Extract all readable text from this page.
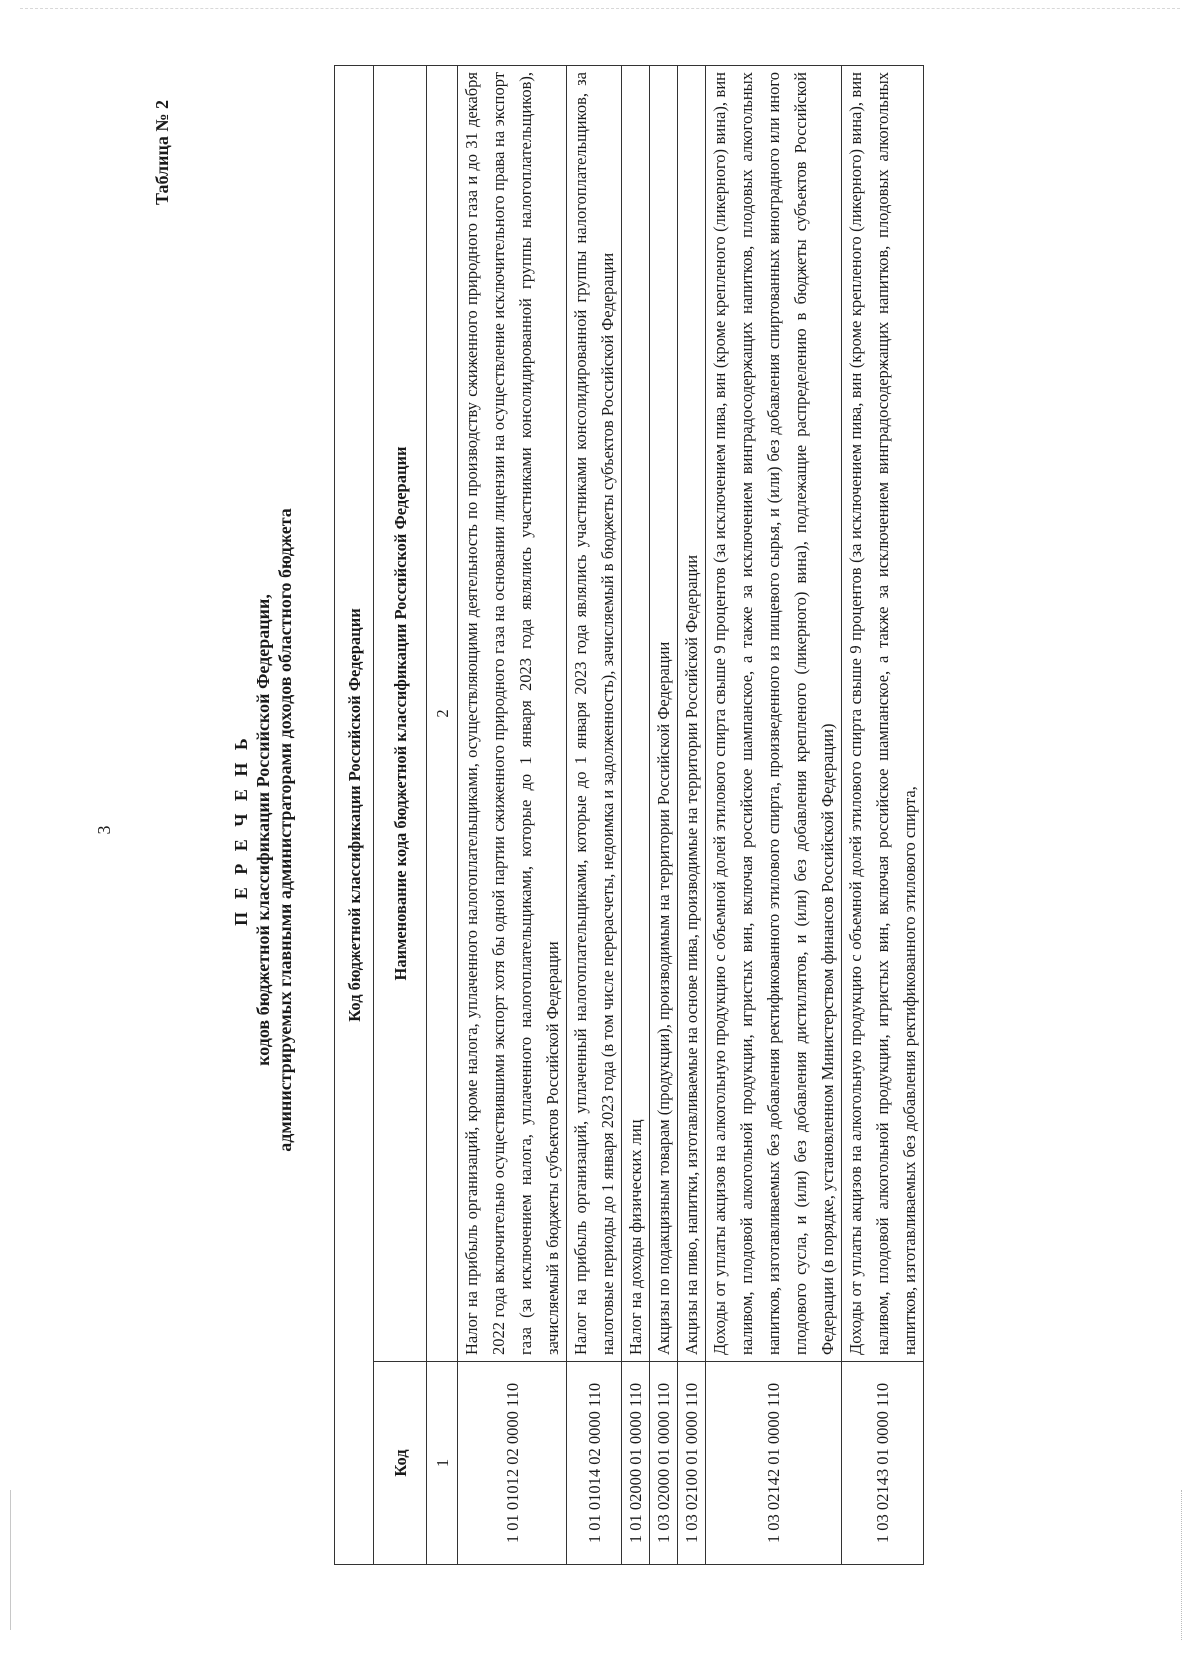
3
Таблица № 2
П Е Р Е Ч Е Н Ь кодов бюджетной классификации Российской Федерации, администрируемых главными администраторами доходов областного бюджета	Код бюджетной классификации Российской Федерации	
Код	Наименование кода бюджетной классификации Российской Федерации
1	2
1 01 01012 02 0000 110	Налог на прибыль организаций, кроме налога, уплаченного налогоплательщиками, осуществляющими деятельность по производству сжиженного природного газа и до 31 декабря 2022 года включительно осуществившими экспорт хотя бы одной партии сжиженного природного газа на основании лицензии на осуществление исключительного права на экспорт газа (за исключением налога, уплаченного налогоплательщиками, которые до 1 января 2023 года являлись участниками консолидированной группы налогоплательщиков), зачисляемый в бюджеты субъектов Российской Федерации
1 01 01014 02 0000 110	Налог на прибыль организаций, уплаченный налогоплательщиками, которые до 1 января 2023 года являлись участниками консолидированной группы налогоплательщиков, за налоговые периоды до 1 января 2023 года (в том числе перерасчеты, недоимка и задолженность), зачисляемый в бюджеты субъектов Российской Федерации
1 01 02000 01 0000 110	Налог на доходы физических лиц
1 03 02000 01 0000 110	Акцизы по подакцизным товарам (продукции), производимым на территории Российской Федерации
1 03 02100 01 0000 110	Акцизы на пиво, напитки, изготавливаемые на основе пива, производимые на территории Российской Федерации
1 03 02142 01 0000 110	Доходы от уплаты акцизов на алкогольную продукцию с объемной долей этилового спирта свыше 9 процентов (за исключением пива, вин (кроме крепленого (ликерного) вина), вин наливом, плодовой алкогольной продукции, игристых вин, включая российское шампанское, а также за исключением винградосодержащих напитков, плодовых алкогольных напитков, изготавливаемых без добавления ректификованного этилового спирта, произведенного из пищевого сырья, и (или) без добавления спиртованных виноградного или иного плодового сусла, и (или) без добавления дистиллятов, и (или) без добавления крепленого (ликерного) вина), подлежащие распределению в бюджеты субъектов Российской Федерации (в порядке, установленном Министерством финансов Российской Федерации)
1 03 02143 01 0000 110	Доходы от уплаты акцизов на алкогольную продукцию с объемной долей этилового спирта свыше 9 процентов (за исключением пива, вин (кроме крепленого (ликерного) вина), вин наливом, плодовой алкогольной продукции, игристых вин, включая российское шампанское, а также за исключением винградосодержащих напитков, плодовых алкогольных напитков, изготавливаемых без добавления ректификованного этилового спирта,
